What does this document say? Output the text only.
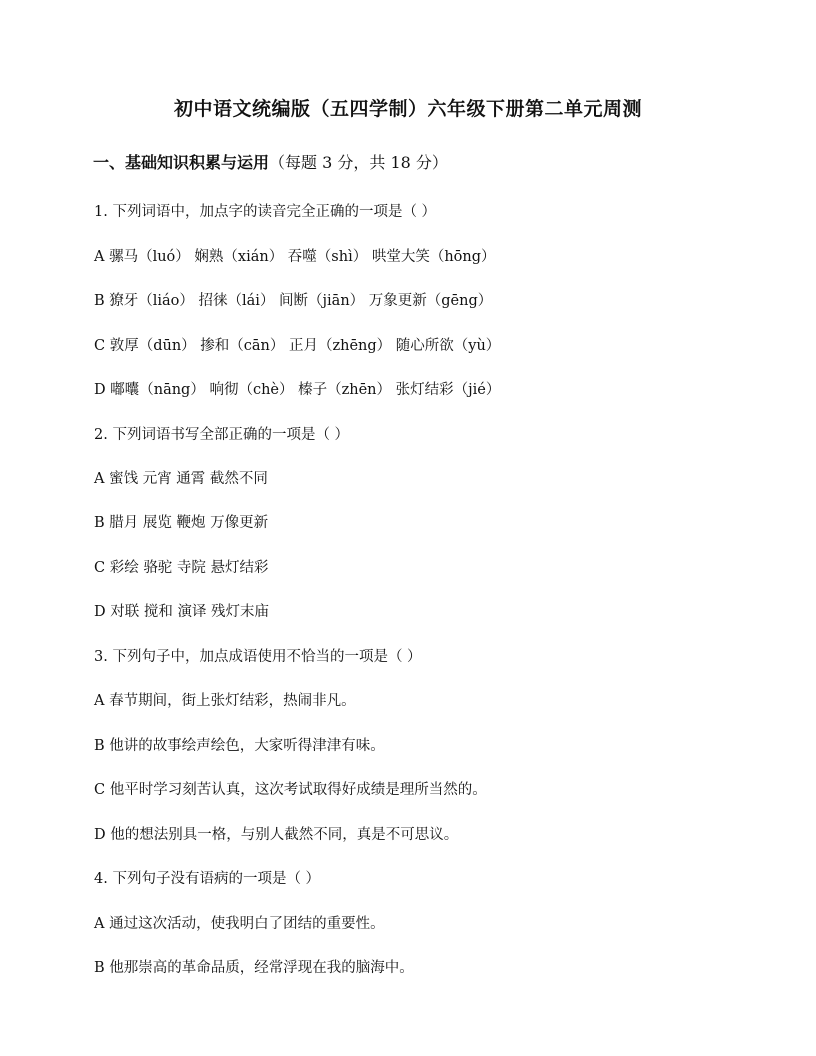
初中语文统编版（五四学制）六年级下册第二单元周测
一、基础知识积累与运用（每题 3 分，共 18 分）
1. 下列词语中，加点字的读音完全正确的一项是（ ）
A 骡马（luó） 娴熟（xián） 吞噬（shì） 哄堂大笑（hōng）
B 獠牙（liáo） 招徕（lái） 间断（jiān） 万象更新（gēng）
C 敦厚（dūn） 掺和（cān） 正月（zhēng） 随心所欲（yù）
D 嘟囔（nāng） 响彻（chè） 榛子（zhēn） 张灯结彩（jié）
2. 下列词语书写全部正确的一项是（ ）
A 蜜饯 元宵 通霄 截然不同
B 腊月 展览 鞭炮 万像更新
C 彩绘 骆驼 寺院 悬灯结彩
D 对联 搅和 演译 残灯末庙
3. 下列句子中，加点成语使用不恰当的一项是（ ）
A 春节期间，街上张灯结彩，热闹非凡。
B 他讲的故事绘声绘色，大家听得津津有味。
C 他平时学习刻苦认真，这次考试取得好成绩是理所当然的。
D 他的想法别具一格，与别人截然不同，真是不可思议。
4. 下列句子没有语病的一项是（ ）
A 通过这次活动，使我明白了团结的重要性。
B 他那崇高的革命品质，经常浮现在我的脑海中。
